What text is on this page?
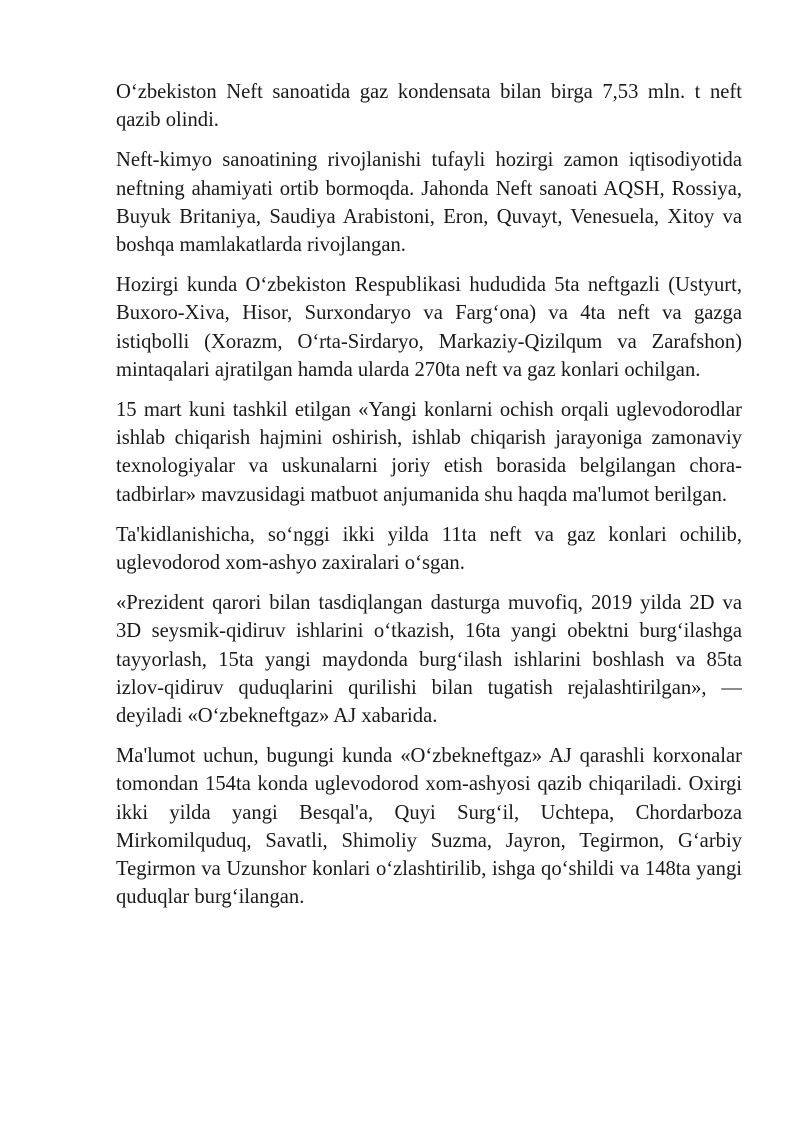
Oʻzbekiston Neft sanoatida gaz kondensata bilan birga 7,53 mln. t neft qazib olindi.

Neft-kimyo sanoatining rivojlanishi tufayli hozirgi zamon iqtisodiyotida neftning ahamiyati ortib bormoqda. Jahonda Neft sanoati AQSH, Rossiya, Buyuk Britaniya, Saudiya Arabistoni, Eron, Quvayt, Venesuela, Xitoy va boshqa mamlakatlarda rivojlangan.

Hozirgi kunda Oʻzbekiston Respublikasi hududida 5ta neftgazli (Ustyurt, Buxoro-Xiva, Hisor, Surxondaryo va Fargʻona) va 4ta neft va gazga istiqbolli (Xorazm, Oʻrta-Sirdaryo, Markaziy-Qizilqum va Zarafshon) mintaqalari ajratilgan hamda ularda 270ta neft va gaz konlari ochilgan.

15 mart kuni tashkil etilgan «Yangi konlarni ochish orqali uglevodorodlar ishlab chiqarish hajmini oshirish, ishlab chiqarish jarayoniga zamonaviy texnologiyalar va uskunalarni joriy etish borasida belgilangan chora-tadbirlar» mavzusidagi matbuot anjumanida shu haqda ma'lumot berilgan.

Ta'kidlanishicha, soʻnggi ikki yilda 11ta neft va gaz konlari ochilib, uglevodorod xom-ashyo zaxiralari oʻsgan.

«Prezident qarori bilan tasdiqlangan dasturga muvofiq, 2019 yilda 2D va 3D seysmik-qidiruv ishlarini oʻtkazish, 16ta yangi obektni burgʻilashga tayyorlash, 15ta yangi maydonda burgʻilash ishlarini boshlash va 85ta izlov-qidiruv quduqlarini qurilishi bilan tugatish rejalashtirilgan», — deyiladi «Oʻzbekneftgaz» AJ xabarida.

Ma'lumot uchun, bugungi kunda «Oʻzbekneftgaz» AJ qarashli korxonalar tomondan 154ta konda uglevodorod xom-ashyosi qazib chiqariladi. Oxirgi ikki yilda yangi Besqal'a, Quyi Surgʻil, Uchtepa, Chordarboza Mirkomilquduq, Savatli, Shimoliy Suzma, Jayron, Tegirmon, Gʻarbiy Tegirmon va Uzunshor konlari oʻzlashtirilib, ishga qoʻshildi va 148ta yangi quduqlar burgʻilangan.
